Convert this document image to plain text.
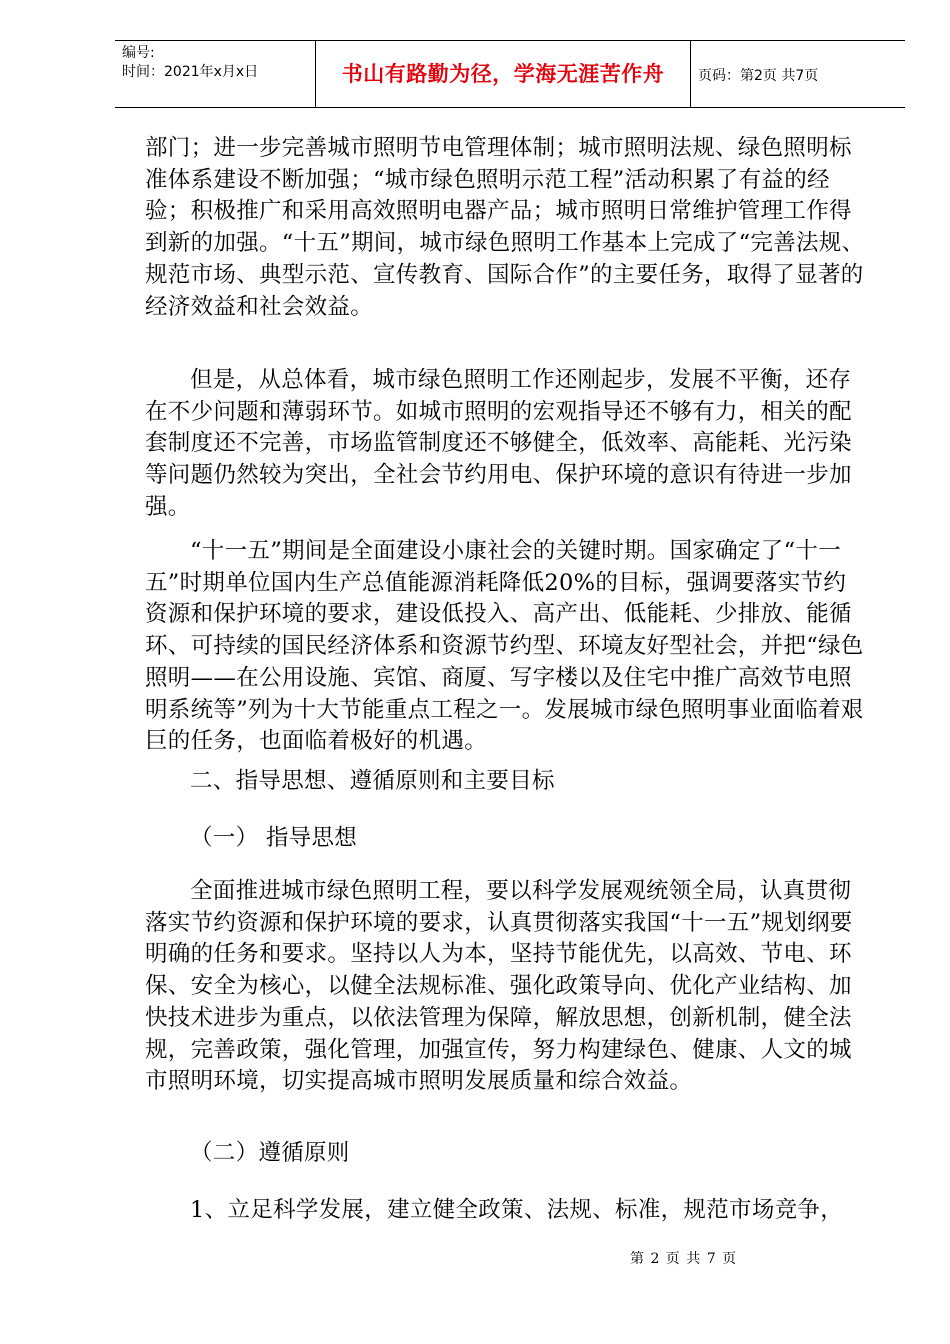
编号:
时间：2021年x月x日	书山有路勤为径，学海无涯苦作舟	页码：第2页 共7页

部门；进一步完善城市照明节电管理体制；城市照明法规、绿色照明标准体系建设不断加强；“城市绿色照明示范工程”活动积累了有益的经验；积极推广和采用高效照明电器产品；城市照明日常维护管理工作得到新的加强。“十五”期间，城市绿色照明工作基本上完成了“完善法规、规范市场、典型示范、宣传教育、国际合作”的主要任务，取得了显著的经济效益和社会效益。

但是，从总体看，城市绿色照明工作还刚起步，发展不平衡，还存在不少问题和薄弱环节。如城市照明的宏观指导还不够有力，相关的配套制度还不完善，市场监管制度还不够健全，低效率、高能耗、光污染等问题仍然较为突出，全社会节约用电、保护环境的意识有待进一步加强。

“十一五”期间是全面建设小康社会的关键时期。国家确定了“十一五”时期单位国内生产总值能源消耗降低20%的目标，强调要落实节约资源和保护环境的要求，建设低投入、高产出、低能耗、少排放、能循环、可持续的国民经济体系和资源节约型、环境友好型社会，并把“绿色照明——在公用设施、宾馆、商厦、写字楼以及住宅中推广高效节电照明系统等”列为十大节能重点工程之一。发展城市绿色照明事业面临着艰巨的任务，也面临着极好的机遇。

二、指导思想、遵循原则和主要目标

（一） 指导思想

全面推进城市绿色照明工程，要以科学发展观统领全局，认真贯彻落实节约资源和保护环境的要求，认真贯彻落实我国“十一五”规划纲要明确的任务和要求。坚持以人为本，坚持节能优先，以高效、节电、环保、安全为核心，以健全法规标准、强化政策导向、优化产业结构、加快技术进步为重点，以依法管理为保障，解放思想，创新机制，健全法规，完善政策，强化管理，加强宣传，努力构建绿色、健康、人文的城市照明环境，切实提高城市照明发展质量和综合效益。

（二）遵循原则

1、立足科学发展，建立健全政策、法规、标准，规范市场竞争，

第 2 页 共 7 页
